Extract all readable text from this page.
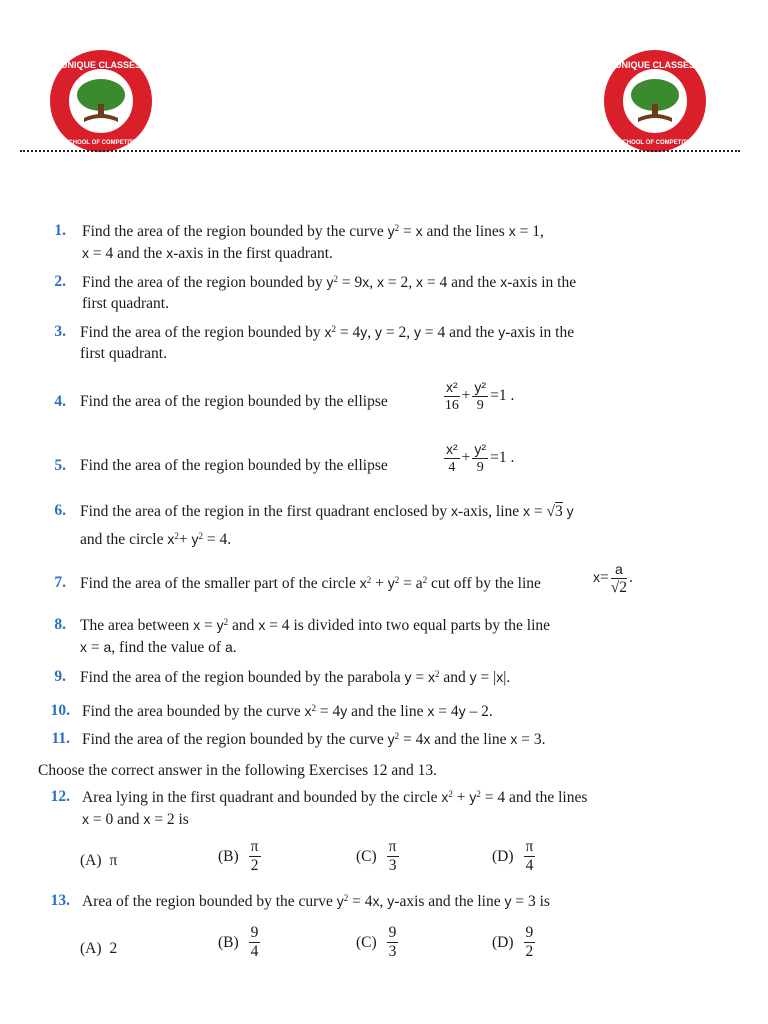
UNIQUE CLASSES
A SCHOOL OF COMPETITION
UNIQUE CLASSES
A SCHOOL OF COMPETITION
1. Find the area of the region bounded by the curve $y^2 = x$ and the lines x = 1,
x = 4 and the x-axis in the first quadrant.
2. Find the area of the region bounded by $y^2 = 9x$, x = 2, x = 4 and the x-axis in the
first quadrant.
3. Find the area of the region bounded by $x^2 = 4y$, y = 2, y = 4 and the y-axis in the
first quadrant.
4. Find the area of the region bounded by the ellipse	$\frac{\text{x²}}{16} + \frac{\text{y²}}{9} =1$ .
5. Find the area of the region bounded by the ellipse	$\frac{\text{x²}}{4} + \frac{\text{y²}}{9} =1$ .
6. Find the area of the region in the first quadrant enclosed by x-axis, line x = √3 y
and the circle $x^2+ y^2 = 4$.
7. Find the area of the smaller part of the circle $x^2 + y^2 = a^2$ cut off by the line	$x= \frac{a}{√2}$ .
8. The area between $x = y^2$ and x = 4 is divided into two equal parts by the line
x = a, find the value of a.
9. Find the area of the region bounded by the parabola $y = x^2$ and y = |x|.
10. Find the area bounded by the curve $x^2 = 4y$ and the line x = 4y – 2.
11. Find the area of the region bounded by the curve $y^2 = 4x$ and the line x = 3.
Choose the correct answer in the following Exercises 12 and 13.
12. Area lying in the first quadrant and bounded by the circle $x^2 + y^2 = 4$ and the lines
x = 0 and x = 2 is
(A) π	$(B) \frac{\pi}{2}$	$(C) \frac{\pi}{3}$	$(D) \frac{\pi}{4}$
13. Area of the region bounded by the curve $y^2 = 4x$, y-axis and the line y = 3 is
(A) 2	$(B) \frac{9}{4}$	$(C) \frac{9}{3}$	$(D) \frac{9}{2}$
